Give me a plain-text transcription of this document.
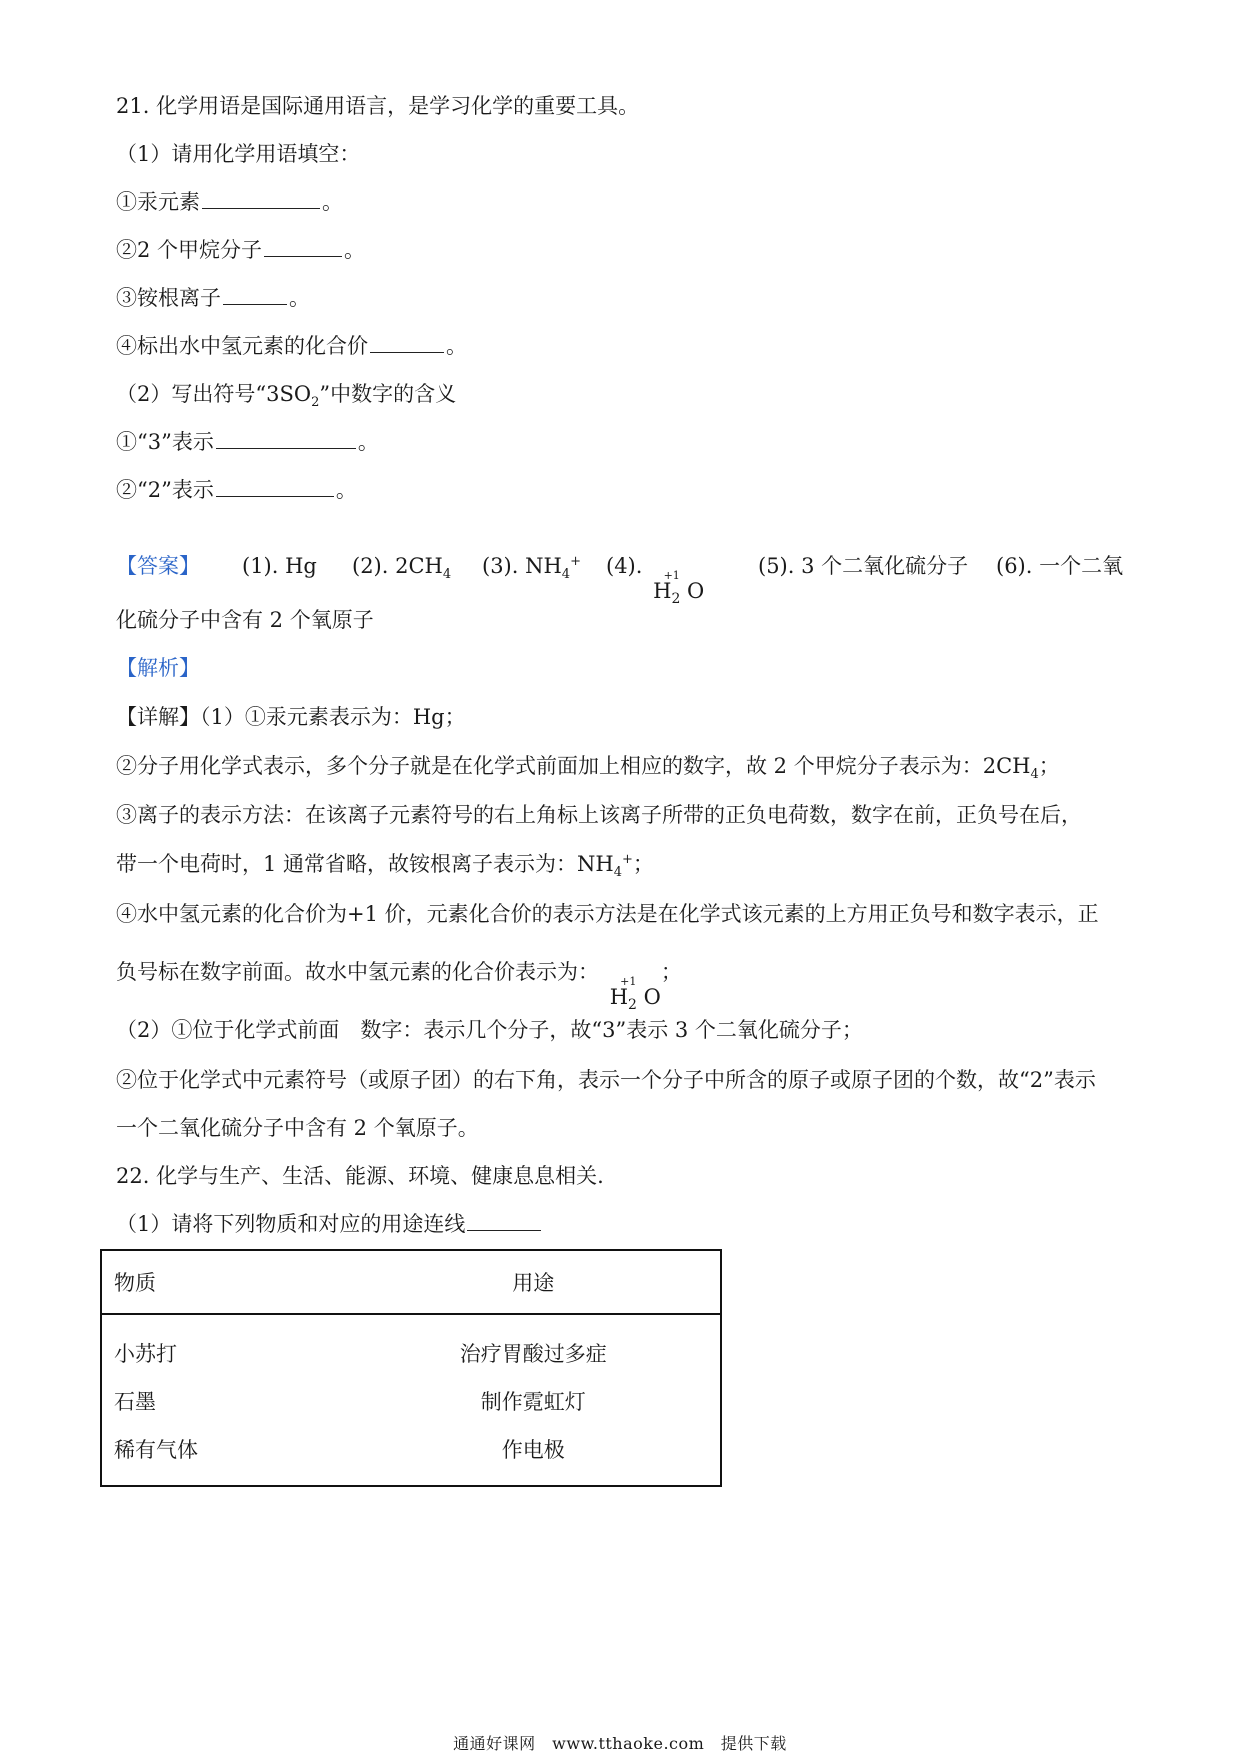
21. 化学用语是国际通用语言，是学习化学的重要工具。
（1）请用化学用语填空：
①汞元素	。
②2 个甲烷分子	。
③铵根离子	。
④标出水中氢元素的化合价	。
（2）写出符号“$3SO_2$”中数字的含义
①“3”表示	。
②“2”表示	。
【答案】 (1). Hg (2). $2CH_4$ (3). $NH_4^+$ (4). +1
$H_2$ O
(5). 3 个二氧化硫分子 (6). 一个二氧
化硫分子中含有 2 个氧原子
【解析】
【详解】（1）①汞元素表示为：Hg；
②分子用化学式表示，多个分子就是在化学式前面加上相应的数字，故 2 个甲烷分子表示为：$2CH_4$；
③离子的表示方法：在该离子元素符号的右上角标上该离子所带的正负电荷数，数字在前，正负号在后，
带一个电荷时，1 通常省略，故铵根离子表示为：$NH_4^+$；
④水中氢元素的化合价为+1 价，元素化合价的表示方法是在化学式该元素的上方用正负号和数字表示，正
负号标在数字前面。故水中氢元素的化合价表示为： +1
$H_2$ O
；
（2）①位于化学式前面　数字：表示几个分子，故“3”表示 3 个二氧化硫分子；
②位于化学式中元素符号（或原子团）的右下角，表示一个分子中所含的原子或原子团的个数，故“2”表示
一个二氧化硫分子中含有 2 个氧原子。
22. 化学与生产、生活、能源、环境、健康息息相关.
（1）请将下列物质和对应的用途连线
物质	用途
小苏打	治疗胃酸过多症
石墨	制作霓虹灯
稀有气体	作电极
通通好课网　www.tthaoke.com　提供下载
